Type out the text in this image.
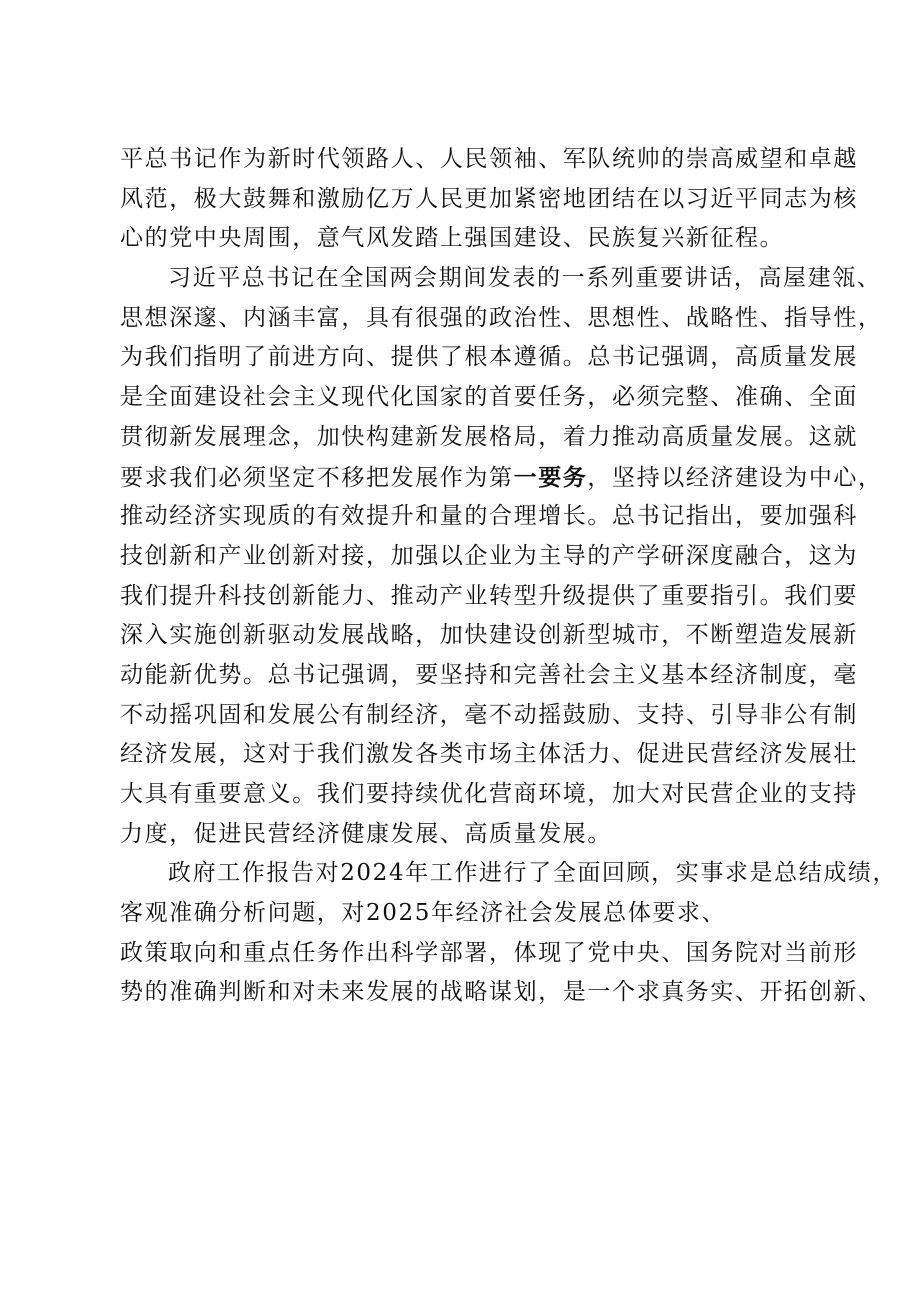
平总书记作为新时代领路人、人民领袖、军队统帅的崇高威望和卓越
风范，极大鼓舞和激励亿万人民更加紧密地团结在以习近平同志为核
心的党中央周围，意气风发踏上强国建设、民族复兴新征程。
习近平总书记在全国两会期间发表的一系列重要讲话，高屋建瓴、
思想深邃、内涵丰富，具有很强的政治性、思想性、战略性、指导性，
为我们指明了前进方向、提供了根本遵循。总书记强调，高质量发展
是全面建设社会主义现代化国家的首要任务，必须完整、准确、全面
贯彻新发展理念，加快构建新发展格局，着力推动高质量发展。这就
要求我们必须坚定不移把发展作为第一要务，坚持以经济建设为中心，
推动经济实现质的有效提升和量的合理增长。总书记指出，要加强科
技创新和产业创新对接，加强以企业为主导的产学研深度融合，这为
我们提升科技创新能力、推动产业转型升级提供了重要指引。我们要
深入实施创新驱动发展战略，加快建设创新型城市，不断塑造发展新
动能新优势。总书记强调，要坚持和完善社会主义基本经济制度，毫
不动摇巩固和发展公有制经济，毫不动摇鼓励、支持、引导非公有制
经济发展，这对于我们激发各类市场主体活力、促进民营经济发展壮
大具有重要意义。我们要持续优化营商环境，加大对民营企业的支持
力度，促进民营经济健康发展、高质量发展。
政府工作报告对2024年工作进行了全面回顾，实事求是总结成绩，
客观准确分析问题，对2025年经济社会发展总体要求、
政策取向和重点任务作出科学部署，体现了党中央、国务院对当前形
势的准确判断和对未来发展的战略谋划，是一个求真务实、开拓创新、
